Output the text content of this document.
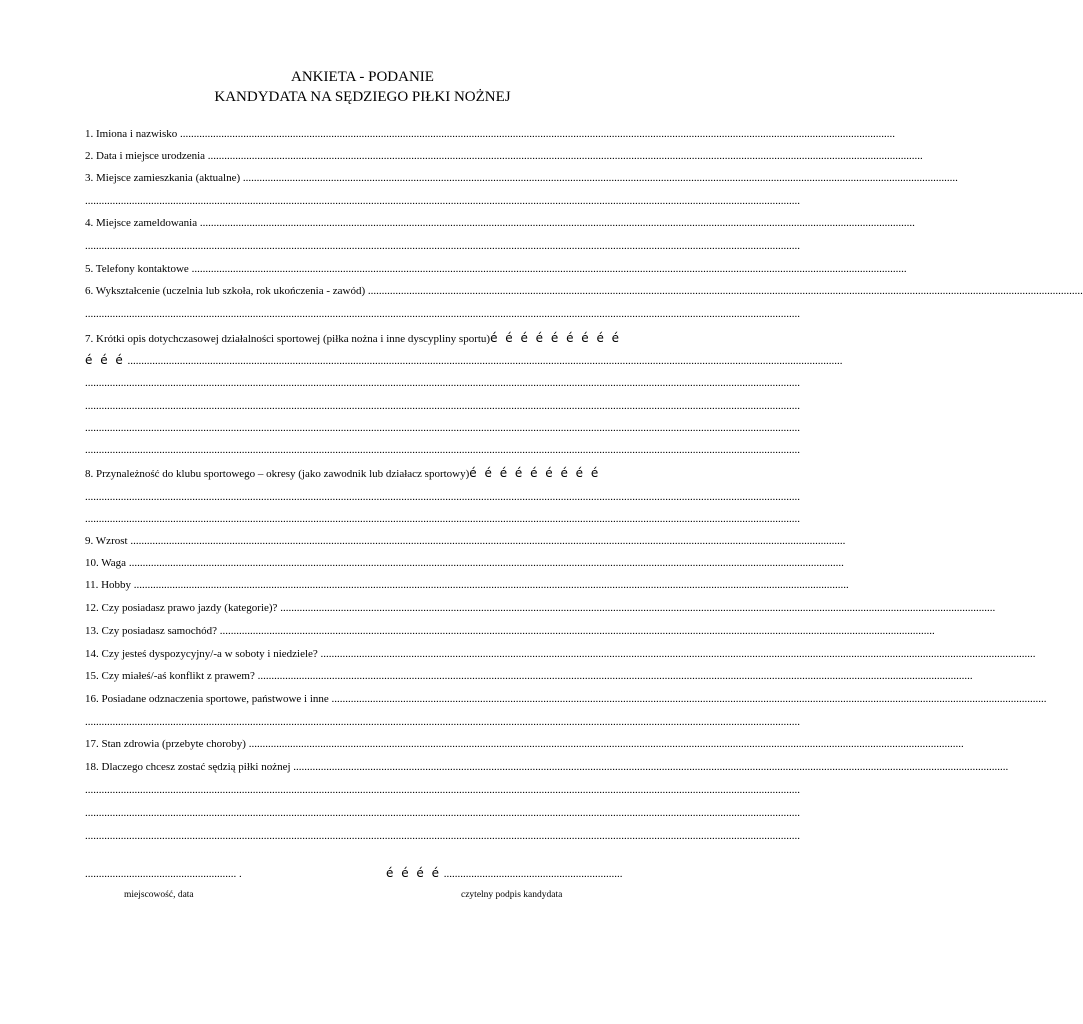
ANKIETA - PODANIE
KANDYDATA NA SĘDZIEGO PIŁKI NOŻNEJ
1. Imiona i nazwisko ....................................................................................................................................................................................................................................................................
2. Data i miejsce urodzenia ....................................................................................................................................................................................................................................................................
3. Miejsce zamieszkania (aktualne) ....................................................................................................................................................................................................................................................................
....................................................................................................................................................................................................................................................................
4. Miejsce zameldowania ....................................................................................................................................................................................................................................................................
....................................................................................................................................................................................................................................................................
5. Telefony kontaktowe ....................................................................................................................................................................................................................................................................
6. Wykształcenie (uczelnia lub szkoła, rok ukończenia - zawód) ....................................................................................................................................................................................................................................................................
....................................................................................................................................................................................................................................................................
7. Krótki opis dotychczasowej działalności sportowej (piłka nożna i inne dyscypliny sportu)é é é é é é é é é
é é é ....................................................................................................................................................................................................................................................................
....................................................................................................................................................................................................................................................................
....................................................................................................................................................................................................................................................................
....................................................................................................................................................................................................................................................................
....................................................................................................................................................................................................................................................................
8. Przynależność do klubu sportowego – okresy (jako zawodnik lub działacz sportowy)é é é é é é é é é
....................................................................................................................................................................................................................................................................
....................................................................................................................................................................................................................................................................
9. Wzrost ....................................................................................................................................................................................................................................................................
10. Waga ....................................................................................................................................................................................................................................................................
11. Hobby ....................................................................................................................................................................................................................................................................
12. Czy posiadasz prawo jazdy (kategorie)? ....................................................................................................................................................................................................................................................................
13. Czy posiadasz samochód? ....................................................................................................................................................................................................................................................................
14. Czy jesteś dyspozycyjny/-a w soboty i niedziele? ....................................................................................................................................................................................................................................................................
15. Czy miałeś/-aś konflikt z prawem? ....................................................................................................................................................................................................................................................................
16. Posiadane odznaczenia sportowe, państwowe i inne ....................................................................................................................................................................................................................................................................
....................................................................................................................................................................................................................................................................
17. Stan zdrowia (przebyte choroby) ....................................................................................................................................................................................................................................................................
18. Dlaczego chcesz zostać sędzią piłki nożnej ....................................................................................................................................................................................................................................................................
....................................................................................................................................................................................................................................................................
....................................................................................................................................................................................................................................................................
....................................................................................................................................................................................................................................................................
....................................................... .	é é é é .................................................................
miejscowość, data	czytelny podpis kandydata
